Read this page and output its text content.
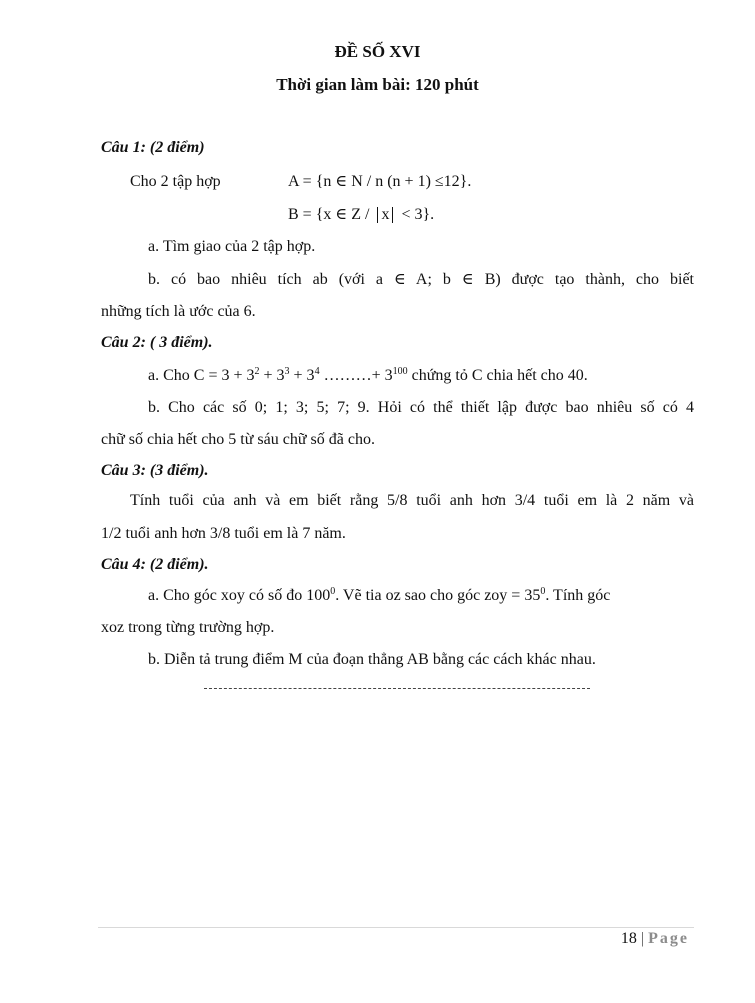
ĐỀ SỐ XVI
Thời gian làm bài: 120 phút
Câu 1: (2 điểm)
Cho 2 tập hợp	A = {n ∈ N / n (n + 1) ≤12}.
B = {x ∈ Z / x < 3}.
a. Tìm giao của 2 tập hợp.
b. có bao nhiêu tích ab (với a ∈ A; b ∈ B) được tạo thành, cho biết
những tích là ước của 6.
Câu 2: ( 3 điểm).
a. Cho $C = 3 + 3^2 + 3^3 + 3^4$ ………+ $3^{100}$ chứng tỏ C chia hết cho 40.
b. Cho các số 0; 1; 3; 5; 7; 9. Hỏi có thể thiết lập được bao nhiêu số có 4
chữ số chia hết cho 5 từ sáu chữ số đã cho.
Câu 3: (3 điểm).
Tính tuổi của anh và em biết rằng 5/8 tuổi anh hơn 3/4 tuổi em là 2 năm và
1/2 tuổi anh hơn 3/8 tuổi em là 7 năm.
Câu 4: (2 điểm).
a. Cho góc xoy có số đo $100^0$. Vẽ tia oz sao cho góc zoy = $35^0$. Tính góc
xoz trong từng trường hợp.
b. Diễn tả trung điểm M của đoạn thẳng AB bằng các cách khác nhau.
18 | Page
